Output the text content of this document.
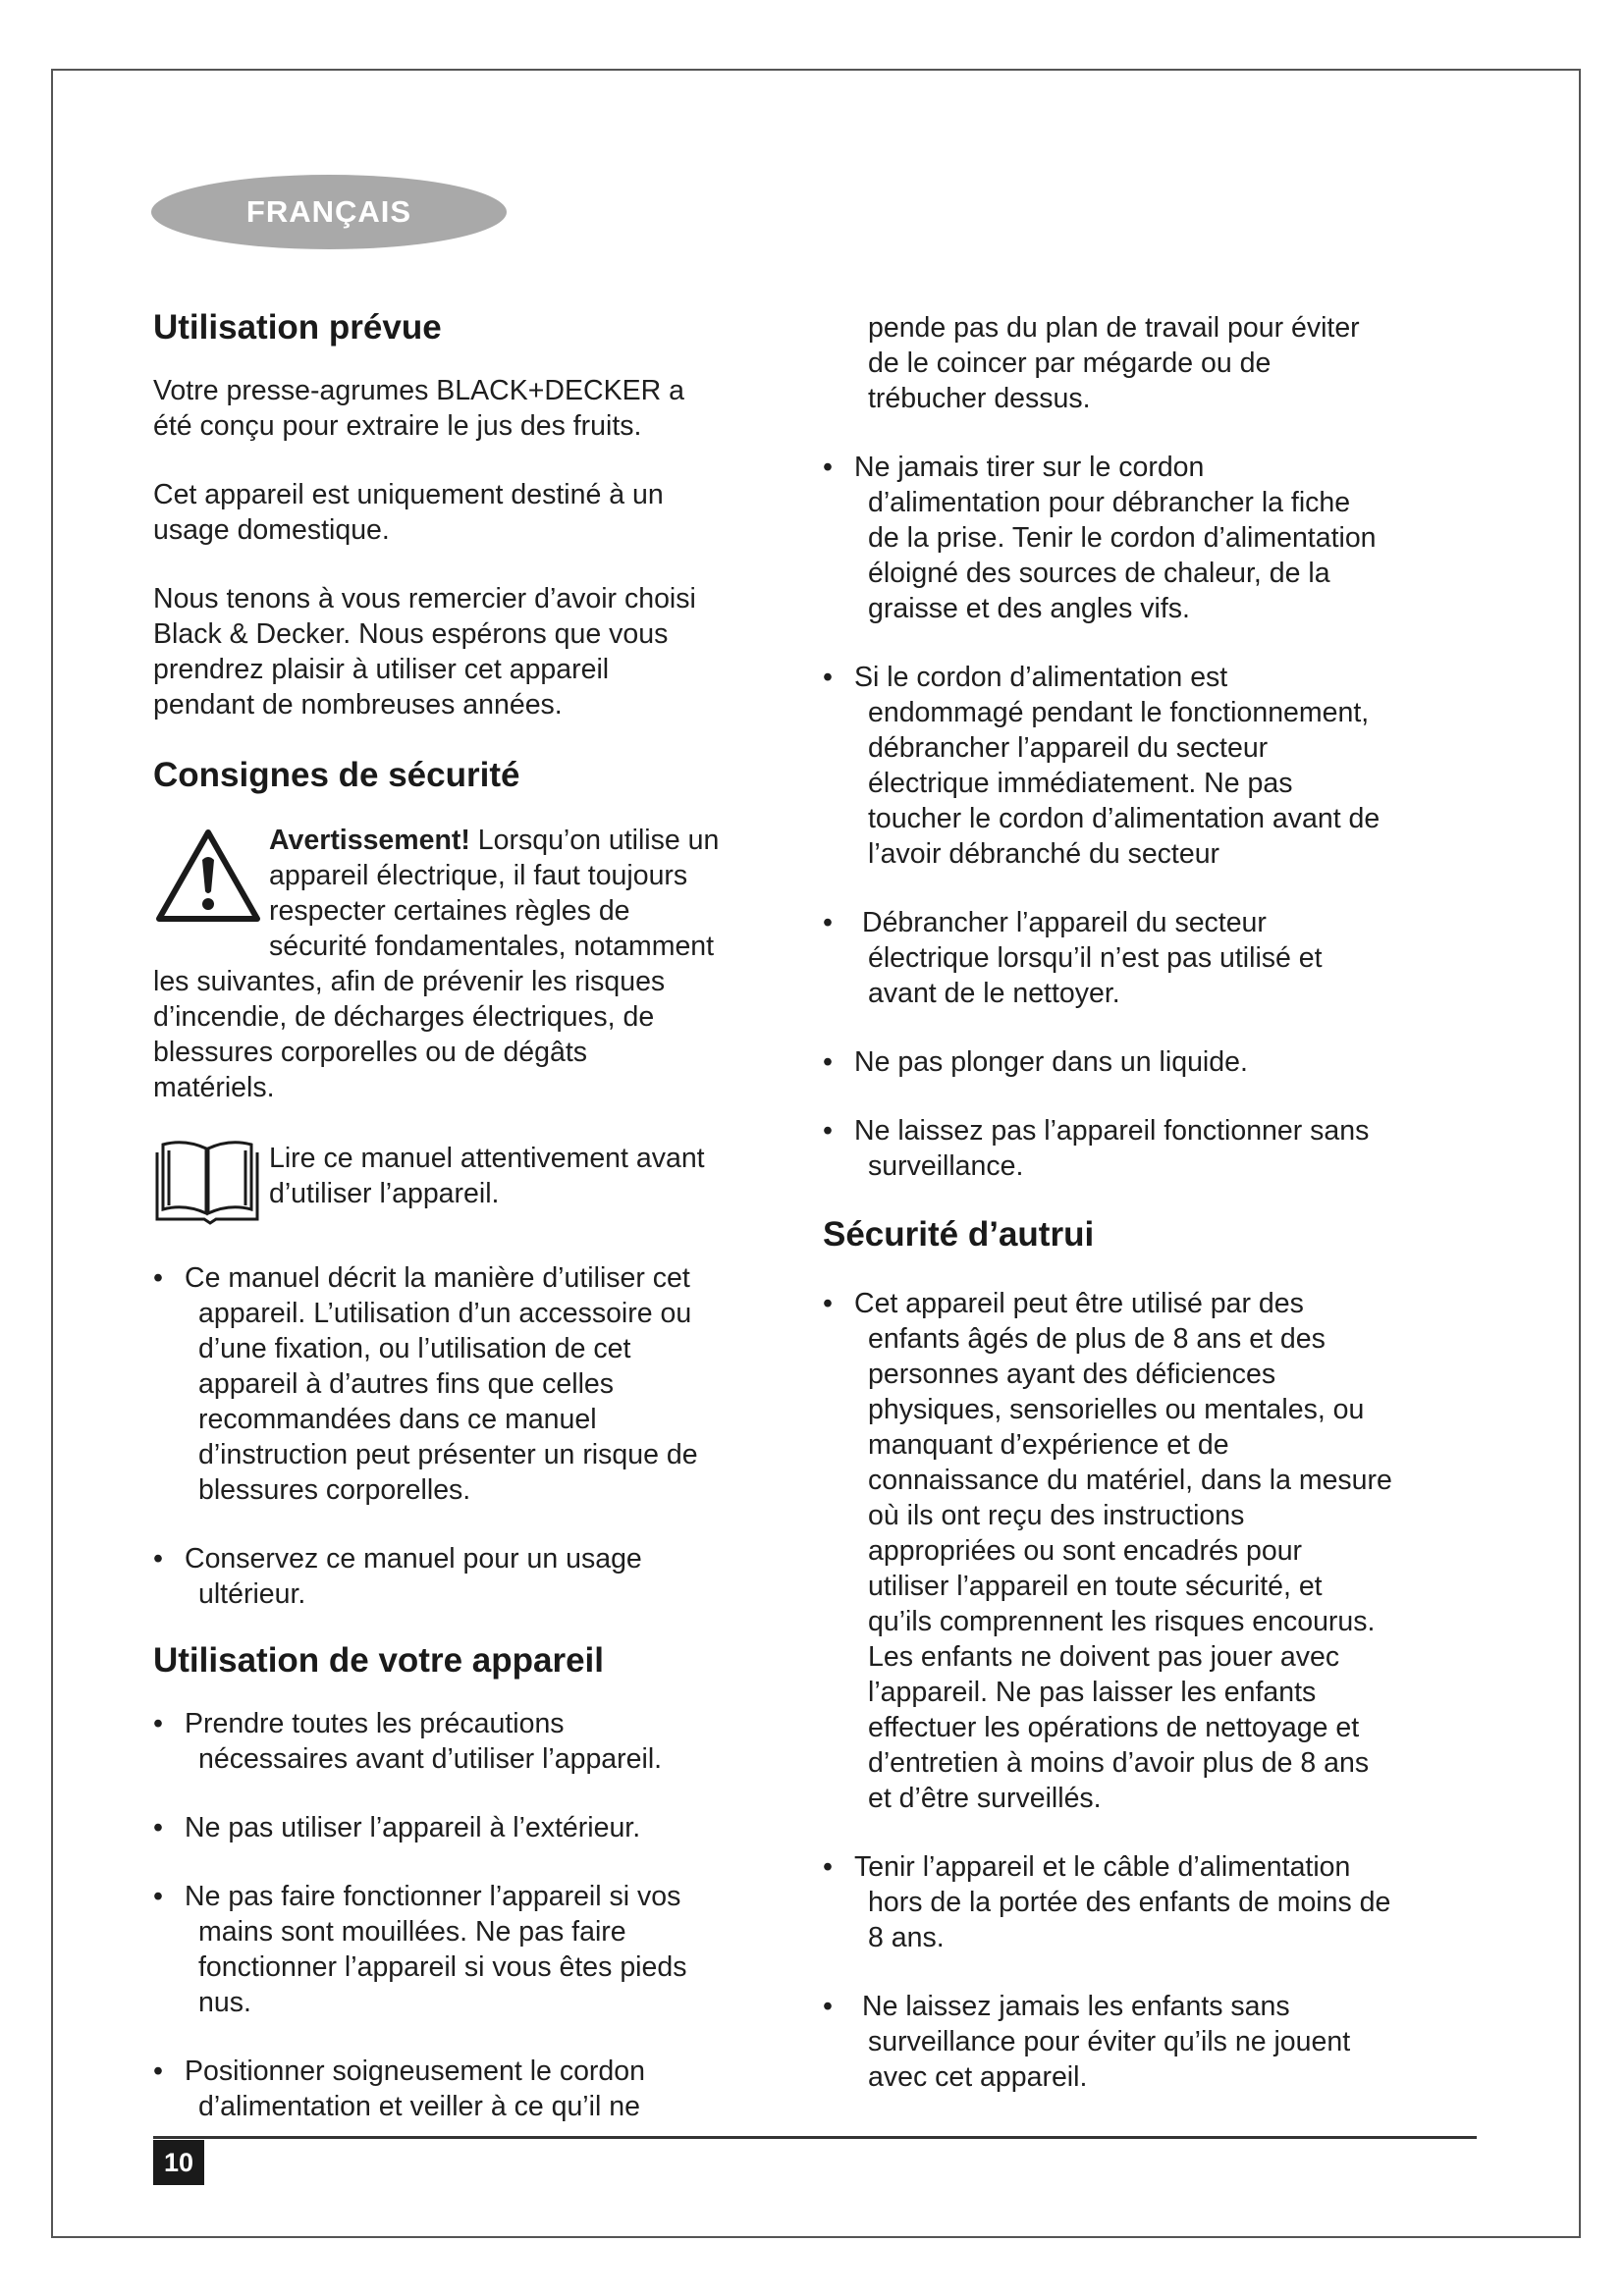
FRANÇAIS
Utilisation prévue

Votre presse-agrumes BLACK+DECKER a
été conçu pour extraire le jus des fruits.

Cet appareil est uniquement destiné à un
usage domestique.

Nous tenons à vous remercier d’avoir choisi
Black & Decker. Nous espérons que vous
prendrez plaisir à utiliser cet appareil
pendant de nombreuses années.

Consignes de sécurité
Avertissement! Lorsqu’on utilise un
appareil électrique, il faut toujours
respecter certaines règles de
sécurité fondamentales, notamment
les suivantes, afin de prévenir les risques
d’incendie, de décharges électriques, de
blessures corporelles ou de dégâts
matériels.
Lire ce manuel attentivement avant
d’utiliser l’appareil.
• Ce manuel décrit la manière d’utiliser cet
appareil. L’utilisation d’un accessoire ou
d’une fixation, ou l’utilisation de cet
appareil à d’autres fins que celles
recommandées dans ce manuel
d’instruction peut présenter un risque de
blessures corporelles.
• Conservez ce manuel pour un usage
ultérieur.
Utilisation de votre appareil
• Prendre toutes les précautions
nécessaires avant d’utiliser l’appareil.
• Ne pas utiliser l’appareil à l’extérieur.
• Ne pas faire fonctionner l’appareil si vos
mains sont mouillées. Ne pas faire
fonctionner l’appareil si vous êtes pieds
nus.
• Positionner soigneusement le cordon
d’alimentation et veiller à ce qu’il ne
pende pas du plan de travail pour éviter
de le coincer par mégarde ou de
trébucher dessus.
• Ne jamais tirer sur le cordon
d’alimentation pour débrancher la fiche
de la prise. Tenir le cordon d’alimentation
éloigné des sources de chaleur, de la
graisse et des angles vifs.
• Si le cordon d’alimentation est
endommagé pendant le fonctionnement,
débrancher l’appareil du secteur
électrique immédiatement. Ne pas
toucher le cordon d’alimentation avant de
l’avoir débranché du secteur
• Débrancher l’appareil du secteur
électrique lorsqu’il n’est pas utilisé et
avant de le nettoyer.
• Ne pas plonger dans un liquide.
• Ne laissez pas l’appareil fonctionner sans
surveillance.
Sécurité d’autrui
• Cet appareil peut être utilisé par des
enfants âgés de plus de 8 ans et des
personnes ayant des déficiences
physiques, sensorielles ou mentales, ou
manquant d’expérience et de
connaissance du matériel, dans la mesure
où ils ont reçu des instructions
appropriées ou sont encadrés pour
utiliser l’appareil en toute sécurité, et
qu’ils comprennent les risques encourus.
Les enfants ne doivent pas jouer avec
l’appareil. Ne pas laisser les enfants
effectuer les opérations de nettoyage et
d’entretien à moins d’avoir plus de 8 ans
et d’être surveillés.
• Tenir l’appareil et le câble d’alimentation
hors de la portée des enfants de moins de
8 ans.
• Ne laissez jamais les enfants sans
surveillance pour éviter qu’ils ne jouent
avec cet appareil.
10
